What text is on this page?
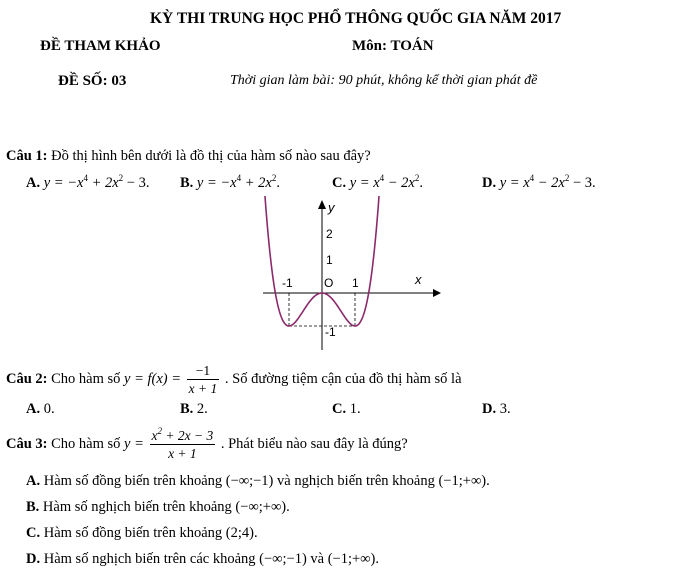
KỲ THI TRUNG HỌC PHỔ THÔNG QUỐC GIA NĂM 2017
ĐỀ THAM KHẢO	Môn: TOÁN
ĐỀ SỐ: 03	Thời gian làm bài: 90 phút, không kể thời gian phát đề
Câu 1: Đồ thị hình bên dưới là đồ thị của hàm số nào sau đây?
A. $y = -x^4 + 2x^2 - 3$. B. $y = -x^4 + 2x^2$.	C. $y = x^4 - 2x^2$.	D. $y = x^4 - 2x^2 - 3$.
y
x
2
1
-1	O 1
-1
Câu 2: Cho hàm số $y = f(x) = \frac{-1}{x + 1}$ . Số đường tiệm cận của đồ thị hàm số là
A. 0.	B. 2.	C. 1.	D. 3.
Câu 3: Cho hàm số $y = \frac{x^2 + 2x - 3}{x + 1}$ . Phát biểu nào sau đây là đúng?
A. Hàm số đồng biến trên khoảng (−∞;−1) và nghịch biến trên khoảng (−1;+∞).
B. Hàm số nghịch biến trên khoảng (−∞;+∞).
C. Hàm số đồng biến trên khoảng (2;4).
D. Hàm số nghịch biến trên các khoảng (−∞;−1) và (−1;+∞).
